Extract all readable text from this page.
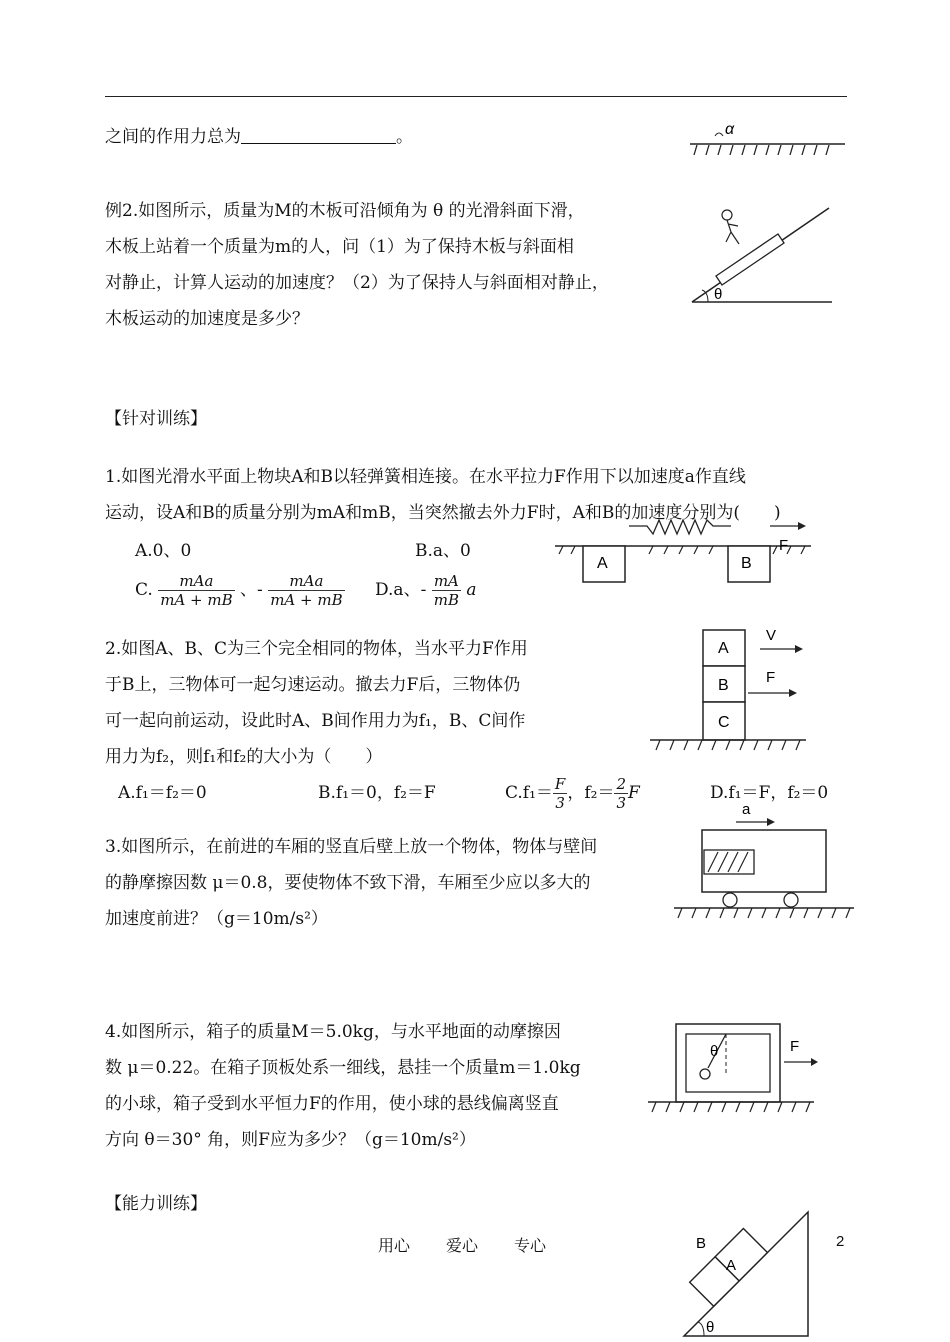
之间的作用力总为	。	α
例2.如图所示，质量为M的木板可沿倾角为 θ 的光滑斜面下滑，
木板上站着一个质量为m的人，问（1）为了保持木板与斜面相
对静止，计算人运动的加速度？（2）为了保持人与斜面相对静止，
木板运动的加速度是多少？
θ
【针对训练】
1.如图光滑水平面上物块A和B以轻弹簧相连接。在水平拉力F作用下以加速度a作直线
运动，设A和B的质量分别为mA和mB，当突然撤去外力F时，A和B的加速度分别为(　　)
A.0、0	B.a、0
C. $\frac{\text{mAa}}{mA + mB}$ 、- $\frac{\text{mAa}}{mA + mB} D.a$、- $\frac{mA}{mB}$ a
A	B
F
2.如图A、B、C为三个完全相同的物体，当水平力F作用
于B上，三物体可一起匀速运动。撤去力F后，三物体仍
可一起向前运动，设此时A、B间作用力为f₁，B、C间作
用力为f₂，则f₁和f₂的大小为（　　）
A.f₁＝f₂＝0	B.f₁＝0，f₂＝F	$C.f_1= \frac{F}{3}$ ，$f_2= \frac{2}{3}$ F	D.f₁＝F，f₂＝0
A
B
C
V
F
3.如图所示，在前进的车厢的竖直后壁上放一个物体，物体与壁间
的静摩擦因数 μ＝0.8，要使物体不致下滑，车厢至少应以多大的
加速度前进？（g＝10m/s²）
a
4.如图所示，箱子的质量M＝5.0kg，与水平地面的动摩擦因
数 μ＝0.22。在箱子顶板处系一细线，悬挂一个质量m＝1.0kg
的小球，箱子受到水平恒力F的作用，使小球的悬线偏离竖直
方向 θ＝30° 角，则F应为多少？（g＝10m/s²）
θ	F
【能力训练】
用心 爱心 专心	2
B
A
θ
